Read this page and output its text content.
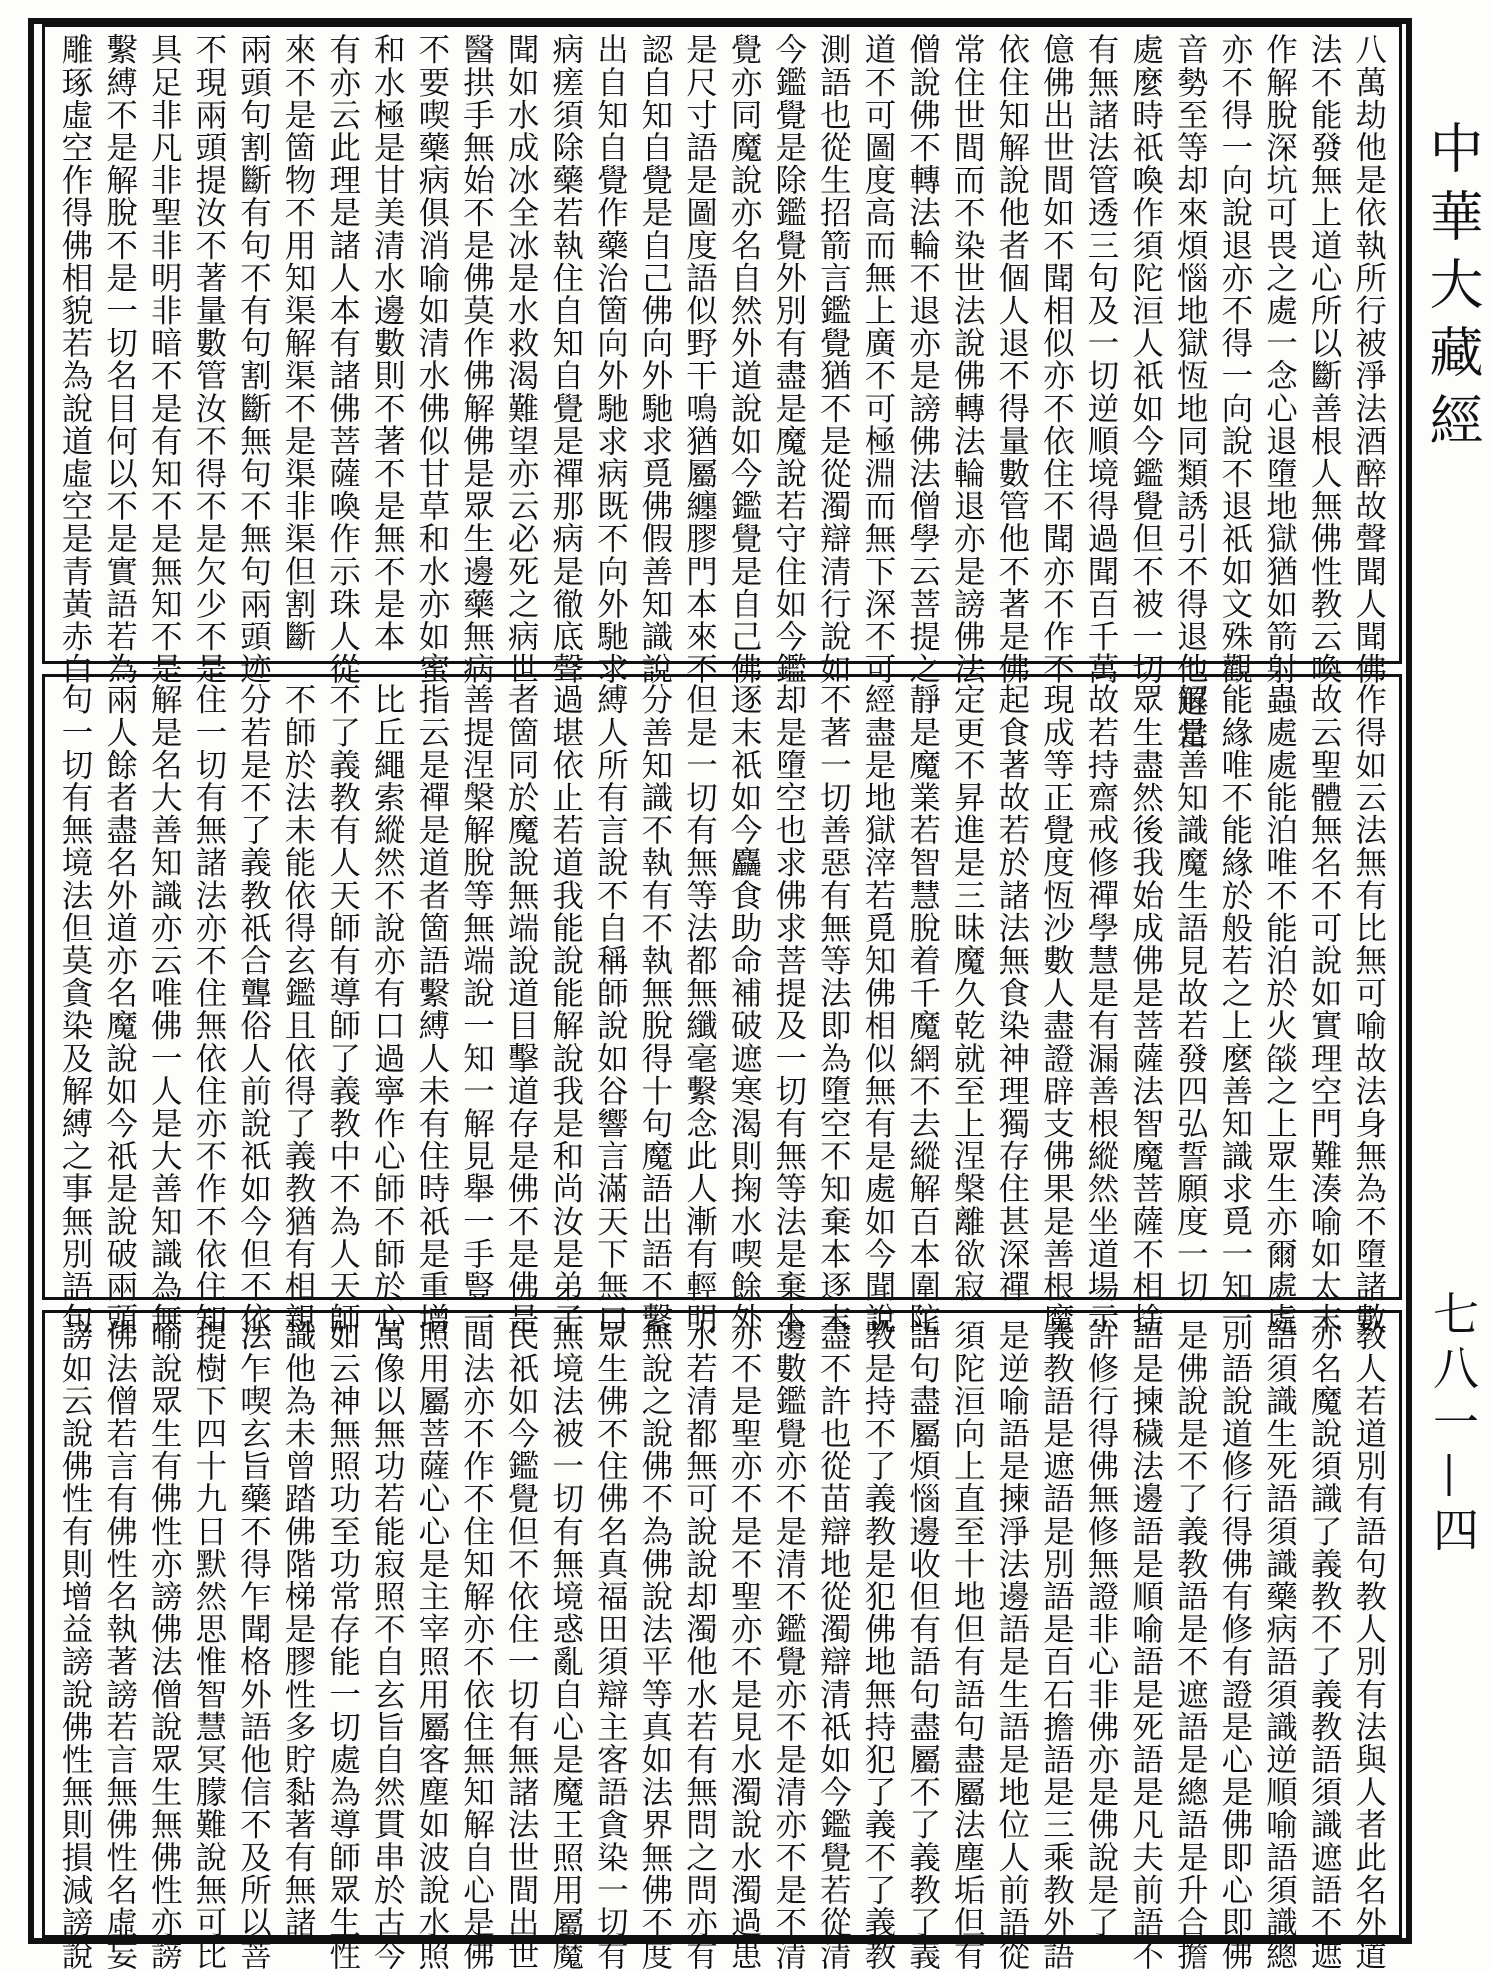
八萬劫他是依執所行被淨法酒醉故聲聞人聞佛
法不能發無上道心所以斷善根人無佛性教云喚
作解脫深坑可畏之處一念心退墮地獄猶如箭射
亦不得一向說退亦不得一向說不退祇如文殊觀
音勢至等却來煩惱地獄恆地同類誘引不得退他退當
處麼時祇喚作須陀洹人祇如今鑑覺但不被一切
有無諸法管透三句及一切逆順境得過聞百千萬
億佛出世間如不聞相似亦不依住不聞亦不作不
依住知解說他者個人退不得量數管他不著是佛
常住世間而不染世法說佛轉法輪退亦是謗佛法
僧說佛不轉法輪不退亦是謗佛法僧學云菩提之
道不可圖度高而無上廣不可極淵而無下深不可
測語也從生招箭言鑑覺猶不是從濁辯清行說如
今鑑覺是除鑑覺外別有盡是魔說若守住如今鑑
覺亦同魔說亦名自然外道說如今鑑覺是自己佛
是尺寸語是圖度語似野干鳴猶屬纏膠門本來不
認自知自覺是自己佛向外馳求覓佛假善知識說
出自知自覺作藥治箇向外馳求病既不向外馳求
病瘥須除藥若執住自知自覺是禪那病是徹底聲
聞如水成冰全冰是水救渴難望亦云必死之病世
醫拱手無始不是佛莫作佛解佛是眾生邊藥無病
不要喫藥病俱消喻如清水佛似甘草和水亦如蜜
和水極是甘美清水邊數則不著不是無不是本
有亦云此理是諸人本有諸佛菩薩喚作示珠人從
來不是箇物不用知渠解渠不是渠非渠但割斷
兩頭句割斷有句不有句割斷無句不無句兩頭迹
不現兩頭提汝不著量數管汝不得不是欠少不是
具足非凡非聖非明非暗不是有知不是無知不是
繫縛不是解脫不是一切名目何以不是實語若為
雕琢虛空作得佛相貌若為說道虛空是青黃赤白
作得如云法無有比無可喻故法身無為不墮諸數
故云聖體無名不可說如實理空門難湊喻如太末
蟲處處能泊唯不能泊於火燄之上眾生亦爾處處
能緣唯不能緣於般若之上麼善知識求覓一知一
解是善知識魔生語見故若發四弘誓願度一切
眾生盡然後我始成佛是菩薩法智魔菩薩不相捨
故若持齋戒修禪學慧是有漏善根縱然坐道場示
現成等正覺度恆沙數人盡證辟支佛果是善根魔
起食著故若於諸法無食染神理獨存住甚深禪
定更不昇進是三昧魔久乾就至上涅槃離欲寂
靜是魔業若智慧脫着千魔網不去縱解百本圍陀
經盡是地獄滓若覓知佛相似無有是處如今聞說
不著一切善惡有無等法即為墮空不知棄本逐末
却是墮空也求佛求菩提及一切有無等法是棄本
逐末祇如今麤食助命補破遮寒渴則掬水喫餘外
但是一切有無等法都無纖毫繫念此人漸有輕明
分善知識不執有不執無脫得十句魔語出語不繫
縛人所有言說不自稱師說如谷響言滿天下無口
過堪依止若道我能說能解說我是和尚汝是弟子
者箇同於魔說無端說道目擊道存是佛不是佛是
善提涅槃解脫等無端說一知一解見舉一手豎一
指云是禪是道者箇語繫縛人未有住時祇是重增
比丘繩索縱然不說亦有口過寧作心師不師於心
不了義教有人天師有導師了義教中不為人天師
不師於法未能依得玄鑑且依得了義教猶有相親
分若是不了義教祇合聾俗人前說祇如今但不依
住一切有無諸法亦不住無依住亦不作不依住知
解是名大善知識亦云唯佛一人是大善知識為無
兩人餘者盡名外道亦名魔說如今祇是說破兩頭
句一切有無境法但莫貪染及解縛之事無別語句
教人若道別有語句教人別有法與人者此名外道
亦名魔說須識了義教不了義教語須識遮語不遮
語須識生死語須識藥病語須識逆順喻語須識總
別語說道修行得佛有修有證是心是佛即心即佛
是佛說是不了義教語是不遮語是總語是升合擔
語是揀穢法邊語是順喻語是死語是凡夫前語不
許修行得佛無修無證非心非佛亦是佛說是了
義教語是遮語是別語是百石擔語是三乘教外語
是逆喻語是揀淨法邊語是生語是地位人前語從
須陀洹向上直至十地但有語句盡屬法塵垢但有
語句盡屬煩惱邊收但有語句盡屬不了義教了義
教是持不了義教是犯佛地無持犯了義不了義教
盡不許也從苗辯地從濁辯清祇如今鑑覺若從清
邊數鑑覺亦不是清不鑑覺亦不是清亦不是不清
亦不是聖亦不是不聖亦不是見水濁說水濁過患
水若清都無可說說却濁他水若有無問之問亦有
無說之說佛不為佛說法平等真如法界無佛不度
眾生佛不住佛名真福田須辯主客語貪染一切有
無境法被一切有無境惑亂自心是魔王照用屬魔
民祇如今鑑覺但不依住一切有無諸法世間出世
間法亦不作不住知解亦不依住無知解自心是佛
照用屬菩薩心心是主宰照用屬客塵如波說水照
萬像以無功若能寂照不自玄旨自然貫串於古今
如云神無照功至功常存能一切處為導師眾生性
識他為未曾踏佛階梯是膠性多貯黏著有無諸
法乍喫玄旨藥不得乍聞格外語他信不及所以菩
提樹下四十九日默然思惟智慧冥朦難說無可比
喻說眾生有佛性亦謗佛法僧說眾生無佛性亦謗
佛法僧若言有佛性名執著謗若言無佛性名虛妄
謗如云說佛性有則增益謗說佛性無則損減謗說
中華大藏經
七八一—四
